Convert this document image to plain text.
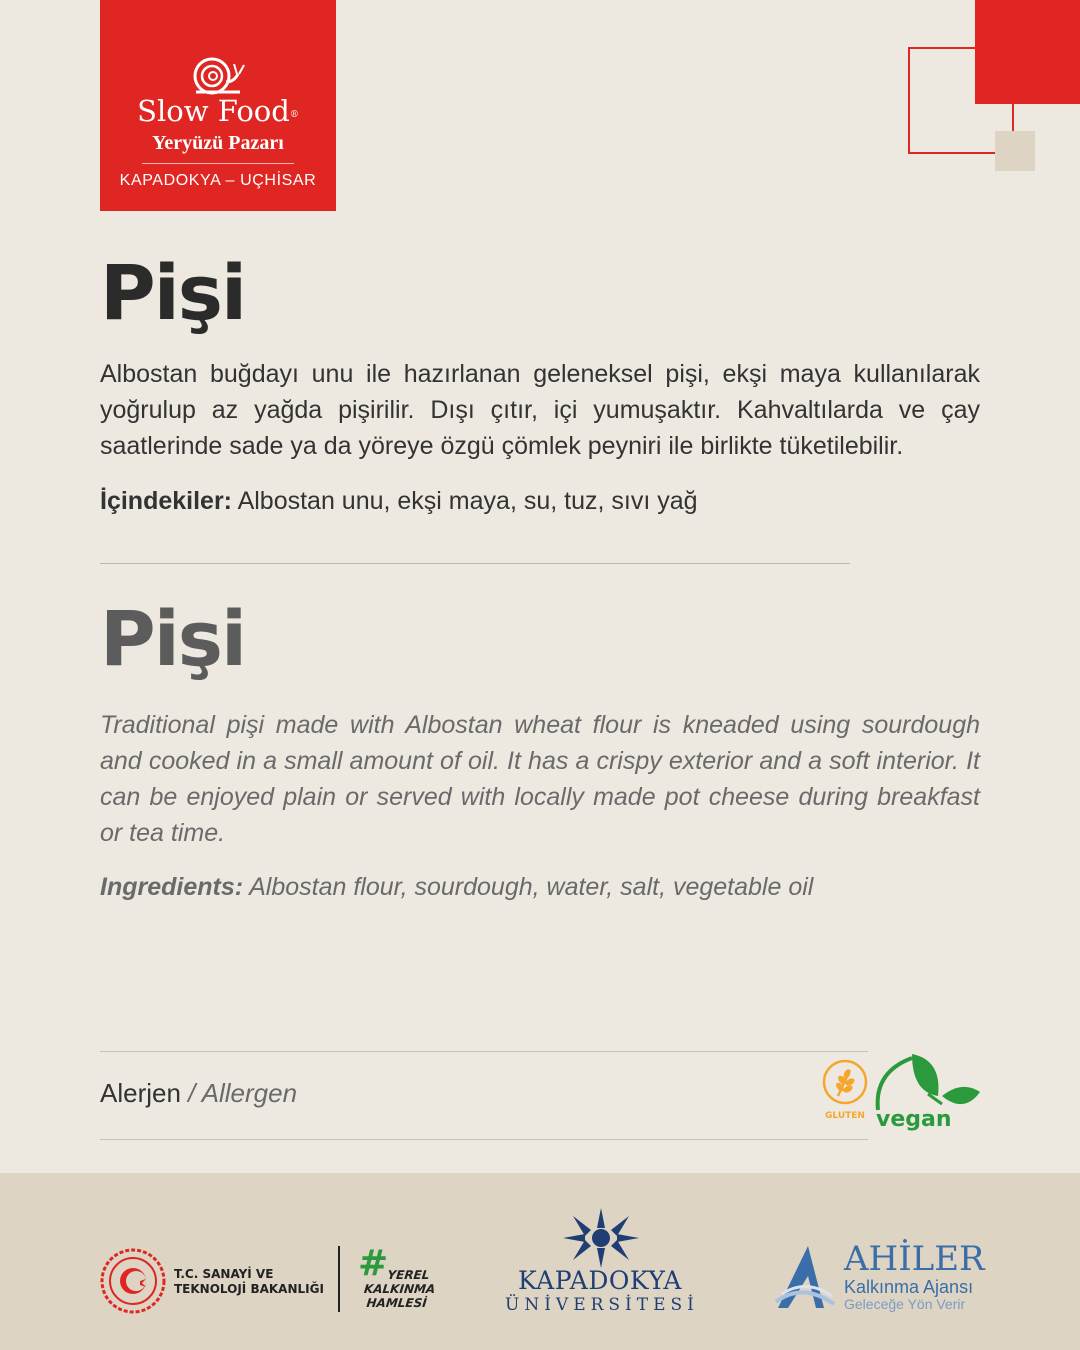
Slow Food®
Yeryüzü Pazarı
KAPADOKYA – UÇHİSAR
Pişi
Albostan buğdayı unu ile hazırlanan geleneksel pişi, ekşi maya kullanılarak yoğrulup az yağda pişirilir. Dışı çıtır, içi yumuşaktır. Kahvaltılarda ve çay saatlerinde sade ya da yöreye özgü çömlek peyniri ile birlikte tüketilebilir.
İçindekiler: Albostan unu, ekşi maya, su, tuz, sıvı yağ
Pişi
Traditional pişi made with Albostan wheat flour is kneaded using sourdough and cooked in a small amount of oil. It has a crispy exterior and a soft interior. It can be enjoyed plain or served with locally made pot cheese during breakfast or tea time.
Ingredients: Albostan flour, sourdough, water, salt, vegetable oil
Alerjen / Allergen
GLUTEN vegan
T.C. SANAYİ VE
TEKNOLOJİ BAKANLIĞI
#
YEREL
KALKINMA
HAMLESİ
KAPADOKYA
ÜNİVERSİTESİ
AHİLER
Kalkınma Ajansı
Geleceğe Yön Verir
